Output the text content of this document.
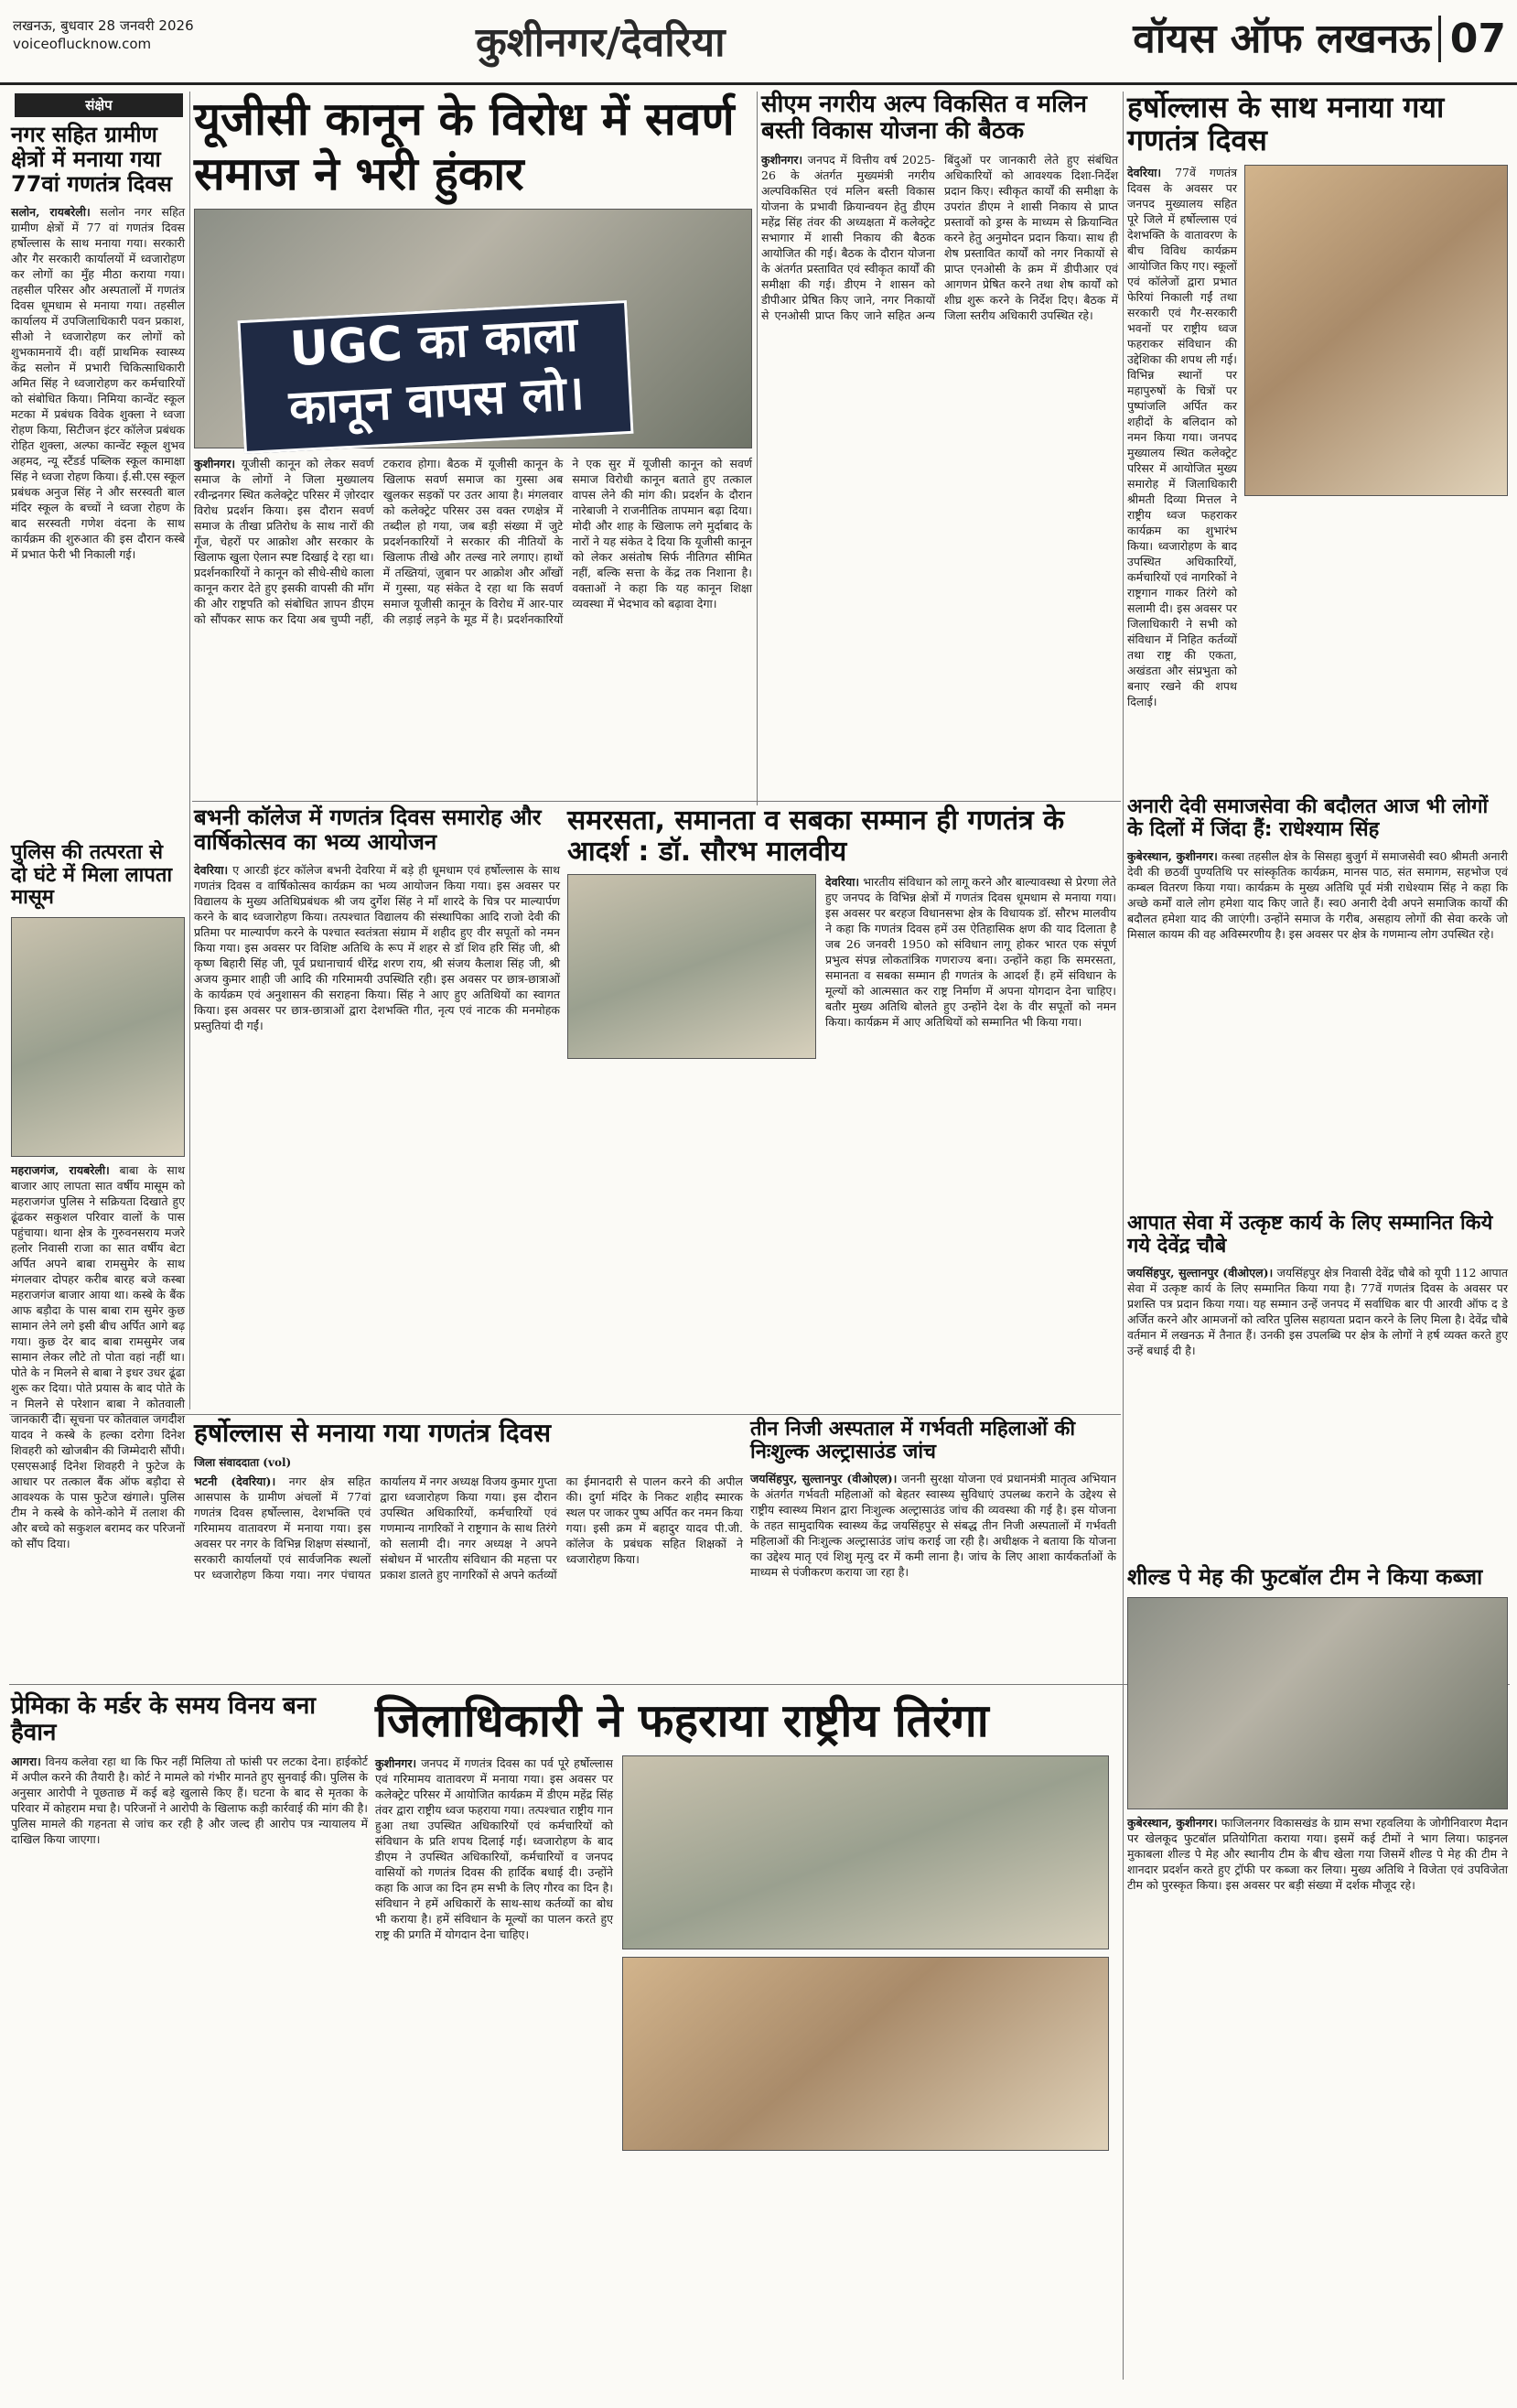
लखनऊ, बुधवार 28 जनवरी 2026
voiceoflucknow.com	कुशीनगर/देवरिया	वॉयस ऑफ लखनऊ 07
संक्षेप
नगर सहित ग्रामीण क्षेत्रों में मनाया गया 77वां गणतंत्र दिवस

सलोन, रायबरेली। सलोन नगर सहित ग्रामीण क्षेत्रों में 77 वां गणतंत्र दिवस हर्षोल्लास के साथ मनाया गया। सरकारी और गैर सरकारी कार्यालयों में ध्वजारोहण कर लोगों का मुँह मीठा कराया गया। तहसील परिसर और अस्पतालों में गणतंत्र दिवस धूमधाम से मनाया गया। तहसील कार्यालय में उपजिलाधिकारी पवन प्रकाश, सीओ ने ध्वजारोहण कर लोगों को शुभकामनायें दी। वहीं प्राथमिक स्वास्थ्य केंद्र सलोन में प्रभारी चिकित्साधिकारी अमित सिंह ने ध्वजारोहण कर कर्मचारियों को संबोधित किया। निमिया कान्वेंट स्कूल मटका में प्रबंधक विवेक शुक्ला ने ध्वजा रोहण किया, सिटीजन इंटर कॉलेज प्रबंधक रोहित शुक्ला, अल्फा कान्वेंट स्कूल शुभव अहमद, न्यू स्टैंडर्ड पब्लिक स्कूल कामाक्षा सिंह ने ध्वजा रोहण किया। ई.सी.एस स्कूल प्रबंधक अनुज सिंह ने और सरस्वती बाल मंदिर स्कूल के बच्चों ने ध्वजा रोहण के बाद सरस्वती गणेश वंदना के साथ कार्यक्रम की शुरुआत की इस दौरान कस्बे में प्रभात फेरी भी निकाली गई।

यूजीसी कानून के विरोध में सवर्ण समाज ने भरी हुंकार
UGC का काला कानून वापस लो।

कुशीनगर। यूजीसी कानून को लेकर सवर्ण समाज के लोगों ने जिला मुख्यालय रवीन्द्रनगर स्थित कलेक्ट्रेट परिसर में ज़ोरदार विरोध प्रदर्शन किया। इस दौरान सवर्ण समाज के तीखा प्रतिरोध के साथ नारों की गूँज, चेहरों पर आक्रोश और सरकार के खिलाफ खुला ऐलान स्पष्ट दिखाई दे रहा था। प्रदर्शनकारियों ने कानून को सीधे-सीधे काला कानून करार देते हुए इसकी वापसी की माँग की और राष्ट्रपति को संबोधित ज्ञापन डीएम को सौंपकर साफ कर दिया अब चुप्पी नहीं, टकराव होगा। बैठक में यूजीसी कानून के खिलाफ सवर्ण समाज का गुस्सा अब खुलकर सड़कों पर उतर आया है। मंगलवार को कलेक्ट्रेट परिसर उस वक्त रणक्षेत्र में तब्दील हो गया, जब बड़ी संख्या में जुटे प्रदर्शनकारियों ने सरकार की नीतियों के खिलाफ तीखे और तल्ख नारे लगाए। हाथों में तख्तियां, ज़ुबान पर आक्रोश और आँखों में गुस्सा, यह संकेत दे रहा था कि सवर्ण समाज यूजीसी कानून के विरोध में आर-पार की लड़ाई लड़ने के मूड में है। प्रदर्शनकारियों ने एक सुर में यूजीसी कानून को सवर्ण समाज विरोधी कानून बताते हुए तत्काल वापस लेने की मांग की। प्रदर्शन के दौरान नारेबाजी ने राजनीतिक तापमान बढ़ा दिया। मोदी और शाह के खिलाफ लगे मुर्दाबाद के नारों ने यह संकेत दे दिया कि यूजीसी कानून को लेकर असंतोष सिर्फ नीतिगत सीमित नहीं, बल्कि सत्ता के केंद्र तक निशाना है। वक्ताओं ने कहा कि यह कानून शिक्षा व्यवस्था में भेदभाव को बढ़ावा देगा।

सीएम नगरीय अल्प विकसित व मलिन बस्ती विकास योजना की बैठक

कुशीनगर। जनपद में वित्तीय वर्ष 2025-26 के अंतर्गत मुख्यमंत्री नगरीय अल्पविकसित एवं मलिन बस्ती विकास योजना के प्रभावी क्रियान्वयन हेतु डीएम महेंद्र सिंह तंवर की अध्यक्षता में कलेक्ट्रेट सभागार में शासी निकाय की बैठक आयोजित की गई। बैठक के दौरान योजना के अंतर्गत प्रस्तावित एवं स्वीकृत कार्यों की समीक्षा की गई। डीएम ने शासन को डीपीआर प्रेषित किए जाने, नगर निकायों से एनओसी प्राप्त किए जाने सहित अन्य बिंदुओं पर जानकारी लेते हुए संबंधित अधिकारियों को आवश्यक दिशा-निर्देश प्रदान किए। स्वीकृत कार्यों की समीक्षा के उपरांत डीएम ने शासी निकाय से प्राप्त प्रस्तावों को ड्रग्स के माध्यम से क्रियान्वित करने हेतु अनुमोदन प्रदान किया। साथ ही शेष प्रस्तावित कार्यों को नगर निकायों से प्राप्त एनओसी के क्रम में डीपीआर एवं आगणन प्रेषित करने तथा शेष कार्यों को शीघ्र शुरू करने के निर्देश दिए। बैठक में जिला स्तरीय अधिकारी उपस्थित रहे।

हर्षोल्लास के साथ मनाया गया गणतंत्र दिवस

देवरिया। 77वें गणतंत्र दिवस के अवसर पर जनपद मुख्यालय सहित पूरे जिले में हर्षोल्लास एवं देशभक्ति के वातावरण के बीच विविध कार्यक्रम आयोजित किए गए। स्कूलों एवं कॉलेजों द्वारा प्रभात फेरियां निकाली गईं तथा सरकारी एवं गैर-सरकारी भवनों पर राष्ट्रीय ध्वज फहराकर संविधान की उद्देशिका की शपथ ली गई। विभिन्न स्थानों पर महापुरुषों के चित्रों पर पुष्पांजलि अर्पित कर शहीदों के बलिदान को नमन किया गया। जनपद मुख्यालय स्थित कलेक्ट्रेट परिसर में आयोजित मुख्य समारोह में जिलाधिकारी श्रीमती दिव्या मित्तल ने राष्ट्रीय ध्वज फहराकर कार्यक्रम का शुभारंभ किया। ध्वजारोहण के बाद उपस्थित अधिकारियों, कर्मचारियों एवं नागरिकों ने राष्ट्रगान गाकर तिरंगे को सलामी दी। इस अवसर पर जिलाधिकारी ने सभी को संविधान में निहित कर्तव्यों तथा राष्ट्र की एकता, अखंडता और संप्रभुता को बनाए रखने की शपथ दिलाई।

पुलिस की तत्परता से दो घंटे में मिला लापता मासूम

महराजगंज, रायबरेली। बाबा के साथ बाजार आए लापता सात वर्षीय मासूम को महराजगंज पुलिस ने सक्रियता दिखाते हुए ढूंढकर सकुशल परिवार वालों के पास पहुंचाया। थाना क्षेत्र के गुरुवनसराय मजरे हलोर निवासी राजा का सात वर्षीय बेटा अर्पित अपने बाबा रामसुमेर के साथ मंगलवार दोपहर करीब बारह बजे कस्बा महराजगंज बाजार आया था। कस्बे के बैंक आफ बड़ौदा के पास बाबा राम सुमेर कुछ सामान लेने लगे इसी बीच अर्पित आगे बढ़ गया। कुछ देर बाद बाबा रामसुमेर जब सामान लेकर लौटे तो पोता वहां नहीं था। पोते के न मिलने से बाबा ने इधर उधर ढूंढा शुरू कर दिया। पोते प्रयास के बाद पोते के न मिलने से परेशान बाबा ने कोतवाली जानकारी दी। सूचना पर कोतवाल जगदीश यादव ने कस्बे के हल्का दरोगा दिनेश शिवहरी को खोजबीन की जिम्मेदारी सौंपी। एसएसआई दिनेश शिवहरी ने फुटेज के आधार पर तत्काल बैंक ऑफ बड़ौदा से आवश्यक के पास फुटेज खंगाले। पुलिस टीम ने कस्बे के कोने-कोने में तलाश की और बच्चे को सकुशल बरामद कर परिजनों को सौंप दिया।

बभनी कॉलेज में गणतंत्र दिवस समारोह और वार्षिकोत्सव का भव्य आयोजन

देवरिया। ए आरडी इंटर कॉलेज बभनी देवरिया में बड़े ही धूमधाम एवं हर्षोल्लास के साथ गणतंत्र दिवस व वार्षिकोत्सव कार्यक्रम का भव्य आयोजन किया गया। इस अवसर पर विद्यालय के मुख्य अतिथिप्रबंधक श्री जय दुर्गेश सिंह ने माँ शारदे के चित्र पर माल्यार्पण करने के बाद ध्वजारोहण किया। तत्पश्चात विद्यालय की संस्थापिका आदि राजो देवी की प्रतिमा पर माल्यार्पण करने के पश्चात स्वतंत्रता संग्राम में शहीद हुए वीर सपूतों को नमन किया गया। इस अवसर पर विशिष्ट अतिथि के रूप में शहर से डॉ शिव हरि सिंह जी, श्री कृष्ण बिहारी सिंह जी, पूर्व प्रधानाचार्य धीरेंद्र शरण राय, श्री संजय कैलाश सिंह जी, श्री अजय कुमार शाही जी आदि की गरिमामयी उपस्थिति रही। इस अवसर पर छात्र-छात्राओं के कार्यक्रम एवं अनुशासन की सराहना किया। सिंह ने आए हुए अतिथियों का स्वागत किया। इस अवसर पर छात्र-छात्राओं द्वारा देशभक्ति गीत, नृत्य एवं नाटक की मनमोहक प्रस्तुतियां दी गईं।

समरसता, समानता व सबका सम्मान ही गणतंत्र के आदर्श : डॉ. सौरभ मालवीय

देवरिया। भारतीय संविधान को लागू करने और बाल्यावस्था से प्रेरणा लेते हुए जनपद के विभिन्न क्षेत्रों में गणतंत्र दिवस धूमधाम से मनाया गया। इस अवसर पर बरहज विधानसभा क्षेत्र के विधायक डॉ. सौरभ मालवीय ने कहा कि गणतंत्र दिवस हमें उस ऐतिहासिक क्षण की याद दिलाता है जब 26 जनवरी 1950 को संविधान लागू होकर भारत एक संपूर्ण प्रभुत्व संपन्न लोकतांत्रिक गणराज्य बना। उन्होंने कहा कि समरसता, समानता व सबका सम्मान ही गणतंत्र के आदर्श हैं। हमें संविधान के मूल्यों को आत्मसात कर राष्ट्र निर्माण में अपना योगदान देना चाहिए। बतौर मुख्य अतिथि बोलते हुए उन्होंने देश के वीर सपूतों को नमन किया। कार्यक्रम में आए अतिथियों को सम्मानित भी किया गया।

अनारी देवी समाजसेवा की बदौलत आज भी लोगों के दिलों में जिंदा हैं: राधेश्याम सिंह

कुबेरस्थान, कुशीनगर। कस्बा तहसील क्षेत्र के सिसहा बुजुर्ग में समाजसेवी स्व0 श्रीमती अनारी देवी की छठवीं पुण्यतिथि पर सांस्कृतिक कार्यक्रम, मानस पाठ, संत समागम, सहभोज एवं कम्बल वितरण किया गया। कार्यक्रम के मुख्य अतिथि पूर्व मंत्री राधेश्याम सिंह ने कहा कि अच्छे कर्मों वाले लोग हमेशा याद किए जाते हैं। स्व0 अनारी देवी अपने समाजिक कार्यों की बदौलत हमेशा याद की जाएंगी। उन्होंने समाज के गरीब, असहाय लोगों की सेवा करके जो मिसाल कायम की वह अविस्मरणीय है। इस अवसर पर क्षेत्र के गणमान्य लोग उपस्थित रहे।

हर्षोल्लास से मनाया गया गणतंत्र दिवस
जिला संवाददाता (vol)

भटनी (देवरिया)। नगर क्षेत्र सहित आसपास के ग्रामीण अंचलों में 77वां गणतंत्र दिवस हर्षोल्लास, देशभक्ति एवं गरिमामय वातावरण में मनाया गया। इस अवसर पर नगर के विभिन्न शिक्षण संस्थानों, सरकारी कार्यालयों एवं सार्वजनिक स्थलों पर ध्वजारोहण किया गया। नगर पंचायत कार्यालय में नगर अध्यक्ष विजय कुमार गुप्ता द्वारा ध्वजारोहण किया गया। इस दौरान उपस्थित अधिकारियों, कर्मचारियों एवं गणमान्य नागरिकों ने राष्ट्रगान के साथ तिरंगे को सलामी दी। नगर अध्यक्ष ने अपने संबोधन में भारतीय संविधान की महत्ता पर प्रकाश डालते हुए नागरिकों से अपने कर्तव्यों का ईमानदारी से पालन करने की अपील की। दुर्गा मंदिर के निकट शहीद स्मारक स्थल पर जाकर पुष्प अर्पित कर नमन किया गया। इसी क्रम में बहादुर यादव पी.जी. कॉलेज के प्रबंधक सहित शिक्षकों ने ध्वजारोहण किया।

तीन निजी अस्पताल में गर्भवती महिलाओं की निःशुल्क अल्ट्रासाउंड जांच

जयसिंहपुर, सुल्तानपुर (वीओएल)। जननी सुरक्षा योजना एवं प्रधानमंत्री मातृत्व अभियान के अंतर्गत गर्भवती महिलाओं को बेहतर स्वास्थ्य सुविधाएं उपलब्ध कराने के उद्देश्य से राष्ट्रीय स्वास्थ्य मिशन द्वारा निःशुल्क अल्ट्रासाउंड जांच की व्यवस्था की गई है। इस योजना के तहत सामुदायिक स्वास्थ्य केंद्र जयसिंहपुर से संबद्ध तीन निजी अस्पतालों में गर्भवती महिलाओं की निःशुल्क अल्ट्रासाउंड जांच कराई जा रही है। अधीक्षक ने बताया कि योजना का उद्देश्य मातृ एवं शिशु मृत्यु दर में कमी लाना है। जांच के लिए आशा कार्यकर्ताओं के माध्यम से पंजीकरण कराया जा रहा है।

आपात सेवा में उत्कृष्ट कार्य के लिए सम्मानित किये गये देवेंद्र चौबे

जयसिंहपुर, सुल्तानपुर (वीओएल)। जयसिंहपुर क्षेत्र निवासी देवेंद्र चौबे को यूपी 112 आपात सेवा में उत्कृष्ट कार्य के लिए सम्मानित किया गया है। 77वें गणतंत्र दिवस के अवसर पर प्रशस्ति पत्र प्रदान किया गया। यह सम्मान उन्हें जनपद में सर्वाधिक बार पी आरवी ऑफ द डे अर्जित करने और आमजनों को त्वरित पुलिस सहायता प्रदान करने के लिए मिला है। देवेंद्र चौबे वर्तमान में लखनऊ में तैनात हैं। उनकी इस उपलब्धि पर क्षेत्र के लोगों ने हर्ष व्यक्त करते हुए उन्हें बधाई दी है।

शील्ड पे मेह की फुटबॉल टीम ने किया कब्जा

कुबेरस्थान, कुशीनगर। फाजिलनगर विकासखंड के ग्राम सभा रहवलिया के जोगीनिवारण मैदान पर खेलकूद फुटबॉल प्रतियोगिता कराया गया। इसमें कई टीमों ने भाग लिया। फाइनल मुकाबला शील्ड पे मेह और स्थानीय टीम के बीच खेला गया जिसमें शील्ड पे मेह की टीम ने शानदार प्रदर्शन करते हुए ट्रॉफी पर कब्जा कर लिया। मुख्य अतिथि ने विजेता एवं उपविजेता टीम को पुरस्कृत किया। इस अवसर पर बड़ी संख्या में दर्शक मौजूद रहे।

प्रेमिका के मर्डर के समय विनय बना हैवान

आगरा। विनय कलेवा रहा था कि फिर नहीं मिलिया तो फांसी पर लटका देना। हाईकोर्ट में अपील करने की तैयारी है। कोर्ट ने मामले को गंभीर मानते हुए सुनवाई की। पुलिस के अनुसार आरोपी ने पूछताछ में कई बड़े खुलासे किए हैं। घटना के बाद से मृतका के परिवार में कोहराम मचा है। परिजनों ने आरोपी के खिलाफ कड़ी कार्रवाई की मांग की है। पुलिस मामले की गहनता से जांच कर रही है और जल्द ही आरोप पत्र न्यायालय में दाखिल किया जाएगा।

जिलाधिकारी ने फहराया राष्ट्रीय तिरंगा

कुशीनगर। जनपद में गणतंत्र दिवस का पर्व पूरे हर्षोल्लास एवं गरिमामय वातावरण में मनाया गया। इस अवसर पर कलेक्ट्रेट परिसर में आयोजित कार्यक्रम में डीएम महेंद्र सिंह तंवर द्वारा राष्ट्रीय ध्वज फहराया गया। तत्पश्चात राष्ट्रीय गान हुआ तथा उपस्थित अधिकारियों एवं कर्मचारियों को संविधान के प्रति शपथ दिलाई गई। ध्वजारोहण के बाद डीएम ने उपस्थित अधिकारियों, कर्मचारियों व जनपद वासियों को गणतंत्र दिवस की हार्दिक बधाई दी। उन्होंने कहा कि आज का दिन हम सभी के लिए गौरव का दिन है। संविधान ने हमें अधिकारों के साथ-साथ कर्तव्यों का बोध भी कराया है। हमें संविधान के मूल्यों का पालन करते हुए राष्ट्र की प्रगति में योगदान देना चाहिए।
